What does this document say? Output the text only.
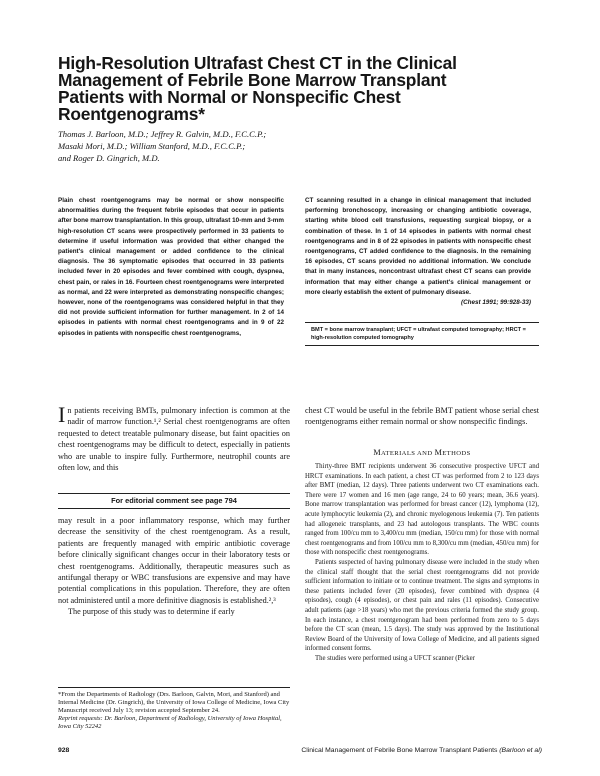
High-Resolution Ultrafast Chest CT in the Clinical Management of Febrile Bone Marrow Transplant Patients with Normal or Nonspecific Chest Roentgenograms*
Thomas J. Barloon, M.D.; Jeffrey R. Galvin, M.D., F.C.C.P.;
Masaki Mori, M.D.; William Stanford, M.D., F.C.C.P.;
and Roger D. Gingrich, M.D.

Plain chest roentgenograms may be normal or show nonspecific abnormalities during the frequent febrile episodes that occur in patients after bone marrow transplantation. In this group, ultrafast 10-mm and 3-mm high-resolution CT scans were prospectively performed in 33 patients to determine if useful information was provided that either changed the patient's clinical management or added confidence to the clinical diagnosis. The 36 symptomatic episodes that occurred in 33 patients included fever in 20 episodes and fever combined with cough, dyspnea, chest pain, or rales in 16. Fourteen chest roentgenograms were interpreted as normal, and 22 were interpreted as demonstrating nonspecific changes; however, none of the roentgenograms was considered helpful in that they did not provide sufficient information for further management. In 2 of 14 episodes in patients with normal chest roentgenograms and in 9 of 22 episodes in patients with nonspecific chest roentgenograms,

CT scanning resulted in a change in clinical management that included performing bronchoscopy, increasing or changing antibiotic coverage, starting white blood cell transfusions, requesting surgical biopsy, or a combination of these. In 1 of 14 episodes in patients with normal chest roentgenograms and in 8 of 22 episodes in patients with nonspecific chest roentgenograms, CT added confidence to the diagnosis. In the remaining 16 episodes, CT scans provided no additional information. We conclude that in many instances, noncontrast ultrafast chest CT scans can provide information that may either change a patient's clinical management or more clearly establish the extent of pulmonary disease.
(Chest 1991; 99:928-33)

BMT = bone marrow transplant; UFCT = ultrafast computed tomography; HRCT = high-resolution computed tomography
In patients receiving BMTs, pulmonary infection is common at the nadir of marrow function.¹,² Serial chest roentgenograms are often requested to detect treatable pulmonary disease, but faint opacities on chest roentgenograms may be difficult to detect, especially in patients who are unable to inspire fully. Furthermore, neutrophil counts are often low, and this
For editorial comment see page 794

may result in a poor inflammatory response, which may further decrease the sensitivity of the chest roentgenogram. As a result, patients are frequently managed with empiric antibiotic coverage before clinically significant changes occur in their laboratory tests or chest roentgenograms. Additionally, therapeutic measures such as antifungal therapy or WBC transfusions are expensive and may have potential complications in this population. Therefore, they are often not administered until a more definitive diagnosis is established.²,³

The purpose of this study was to determine if early

*From the Departments of Radiology (Drs. Barloon, Galvin, Mori, and Stanford) and Internal Medicine (Dr. Gingrich), the University of Iowa College of Medicine, Iowa City
Manuscript received July 13; revision accepted September 24.
Reprint requests: Dr. Barloon, Department of Radiology, University of Iowa Hospital, Iowa City 52242

chest CT would be useful in the febrile BMT patient whose serial chest roentgenograms either remain normal or show nonspecific findings.

MATERIALS AND METHODS

Thirty-three BMT recipients underwent 36 consecutive prospective UFCT and HRCT examinations. In each patient, a chest CT was performed from 2 to 123 days after BMT (median, 12 days). Three patients underwent two CT examinations each. There were 17 women and 16 men (age range, 24 to 60 years; mean, 36.6 years). Bone marrow transplantation was performed for breast cancer (12), lymphoma (12), acute lymphocytic leukemia (2), and chronic myelogenous leukemia (7). Ten patients had allogeneic transplants, and 23 had autologous transplants. The WBC counts ranged from 100/cu mm to 3,400/cu mm (median, 150/cu mm) for those with normal chest roentgenograms and from 100/cu mm to 8,300/cu mm (median, 450/cu mm) for those with nonspecific chest roentgenograms.

Patients suspected of having pulmonary disease were included in the study when the clinical staff thought that the serial chest roentgenograms did not provide sufficient information to initiate or to continue treatment. The signs and symptoms in these patients included fever (20 episodes), fever combined with dyspnea (4 episodes), cough (4 episodes), or chest pain and rales (11 episodes). Consecutive adult patients (age >18 years) who met the previous criteria formed the study group. In each instance, a chest roentgenogram had been performed from zero to 5 days before the CT scan (mean, 1.5 days). The study was approved by the Institutional Review Board of the University of Iowa College of Medicine, and all patients signed informed consent forms.

The studies were performed using a UFCT scanner (Picker

928	Clinical Management of Febrile Bone Marrow Transplant Patients (Barloon et al)
